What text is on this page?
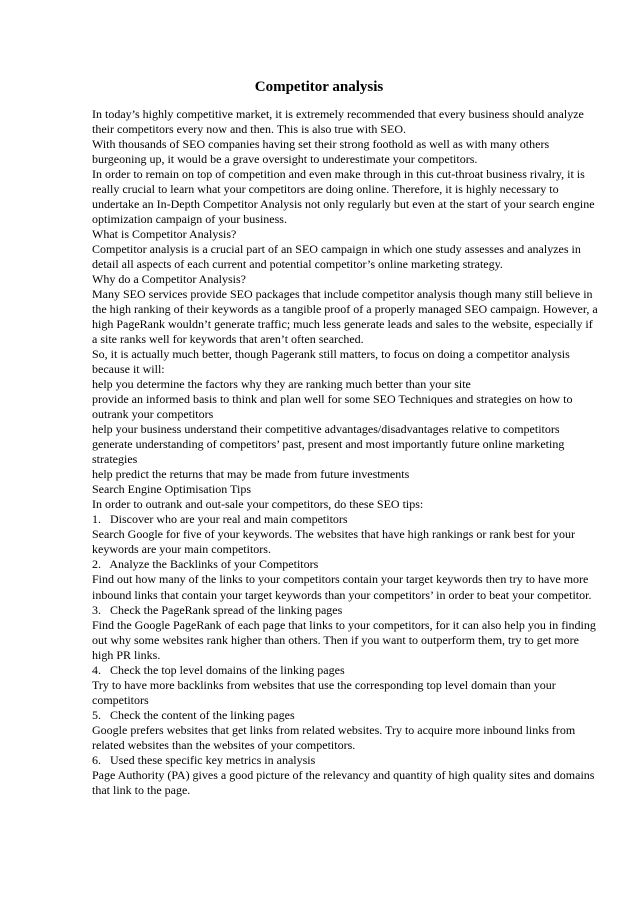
Competitor analysis

In today’s highly competitive market, it is extremely recommended that every business should analyze their competitors every now and then. This is also true with SEO.

With thousands of SEO companies having set their strong foothold as well as with many others burgeoning up, it would be a grave oversight to underestimate your competitors.

In order to remain on top of competition and even make through in this cut-throat business rivalry, it is really crucial to learn what your competitors are doing online. Therefore, it is highly necessary to undertake an In-Depth Competitor Analysis not only regularly but even at the start of your search engine optimization campaign of your business.

What is Competitor Analysis?

Competitor analysis is a crucial part of an SEO campaign in which one study assesses and analyzes in detail all aspects of each current and potential competitor’s online marketing strategy.

Why do a Competitor Analysis?

Many SEO services provide SEO packages that include competitor analysis though many still believe in the high ranking of their keywords as a tangible proof of a properly managed SEO campaign. However, a high PageRank wouldn’t generate traffic; much less generate leads and sales to the website, especially if a site ranks well for keywords that aren’t often searched.

So, it is actually much better, though Pagerank still matters, to focus on doing a competitor analysis because it will:

help you determine the factors why they are ranking much better than your site

provide an informed basis to think and plan well for some SEO Techniques and strategies on how to outrank your competitors

help your business understand their competitive advantages/disadvantages relative to competitors generate understanding of competitors’ past, present and most importantly future online marketing strategies

help predict the returns that may be made from future investments

Search Engine Optimisation Tips

In order to outrank and out-sale your competitors, do these SEO tips:

1.   Discover who are your real and main competitors

Search Google for five of your keywords. The websites that have high rankings or rank best for your keywords are your main competitors.

2.   Analyze the Backlinks of your Competitors

Find out how many of the links to your competitors contain your target keywords then try to have more inbound links that contain your target keywords than your competitors’ in order to beat your competitor.

3.   Check the PageRank spread of the linking pages

Find the Google PageRank of each page that links to your competitors, for it can also help you in finding out why some websites rank higher than others. Then if you want to outperform them, try to get more high PR links.

4.   Check the top level domains of the linking pages

Try to have more backlinks from websites that use the corresponding top level domain than your competitors

5.   Check the content of the linking pages

Google prefers websites that get links from related websites. Try to acquire more inbound links from related websites than the websites of your competitors.

6.   Used these specific key metrics in analysis

Page Authority (PA) gives a good picture of the relevancy and quantity of high quality sites and domains that link to the page.
